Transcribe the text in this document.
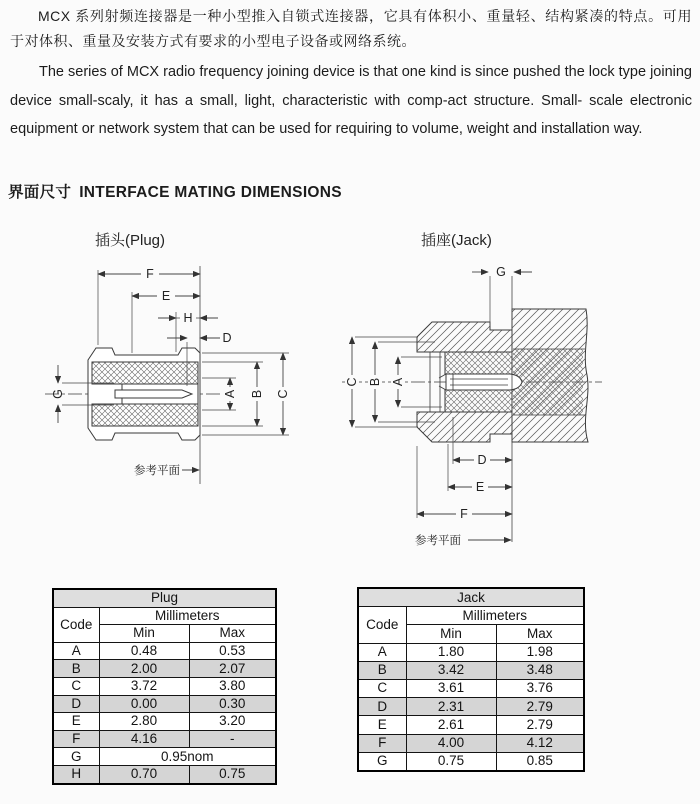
MCX 系列射频连接器是一种小型推入自锁式连接器，它具有体积小、重量轻、结构紧凑的特点。可用于对体积、重量及安装方式有要求的小型电子设备或网络系统。

The series of MCX radio frequency joining device is that one kind is since pushed the lock type joining device small-scaly, it has a small, light, characteristic with comp-act structure. Small- scale electronic equipment or network system that can be used for requiring to volume, weight and installation way.

界面尺寸 INTERFACE MATING DIMENSIONS
插头(Plug)	插座(Jack)
F
E
H
D
G	A B C
参考平面
G
C B A
D
E
F
参考平面
Plug		
Code	Millimeters	
	Min	Max
A	0.48	0.53
B	2.00	2.07
C	3.72	3.80
D	0.00	0.30
E	2.80	3.20
F	4.16	-
G	0.95nom	
H	0.70	0.75
Jack		
Code	Millimeters	
	Min	Max
A	1.80	1.98
B	3.42	3.48
C	3.61	3.76
D	2.31	2.79
E	2.61	2.79
F	4.00	4.12
G	0.75	0.85
